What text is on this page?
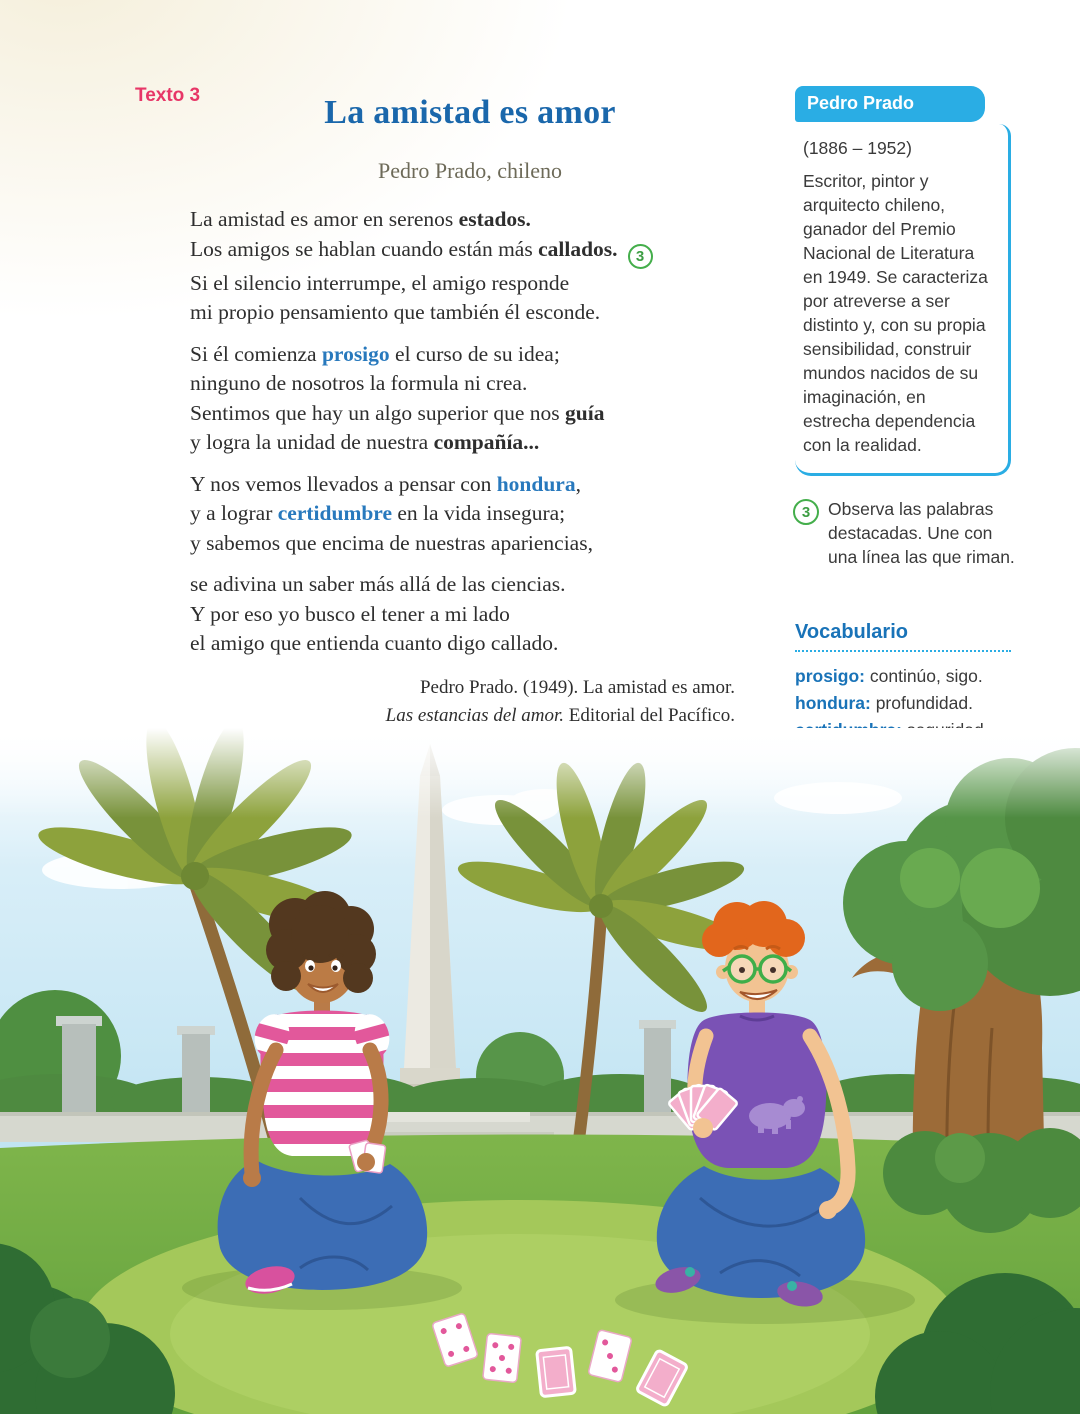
Texto 3	La amistad es amor
Pedro Prado, chileno
La amistad es amor en serenos estados.
Los amigos se hablan cuando están más callados. 3
Si el silencio interrumpe, el amigo responde
mi propio pensamiento que también él esconde.
Si él comienza prosigo el curso de su idea;
ninguno de nosotros la formula ni crea.
Sentimos que hay un algo superior que nos guía
y logra la unidad de nuestra compañía...
Y nos vemos llevados a pensar con hondura,
y a lograr certidumbre en la vida insegura;
y sabemos que encima de nuestras apariencias,
se adivina un saber más allá de las ciencias.
Y por eso yo busco el tener a mi lado
el amigo que entienda cuanto digo callado.
Pedro Prado. (1949). La amistad es amor.
Las estancias del amor. Editorial del Pacífico.
Pedro Prado
(1886 – 1952)
Escritor, pintor y arquitecto chileno, ganador del Premio Nacional de Literatura en 1949. Se caracteriza por atreverse a ser distinto y, con su propia sensibilidad, construir mundos nacidos de su imaginación, en estrecha dependencia con la realidad.
3	Observa las palabras destacadas. Une con una línea las que riman.
Vocabulario
prosigo: continúo, sigo.
hondura: profundidad.
